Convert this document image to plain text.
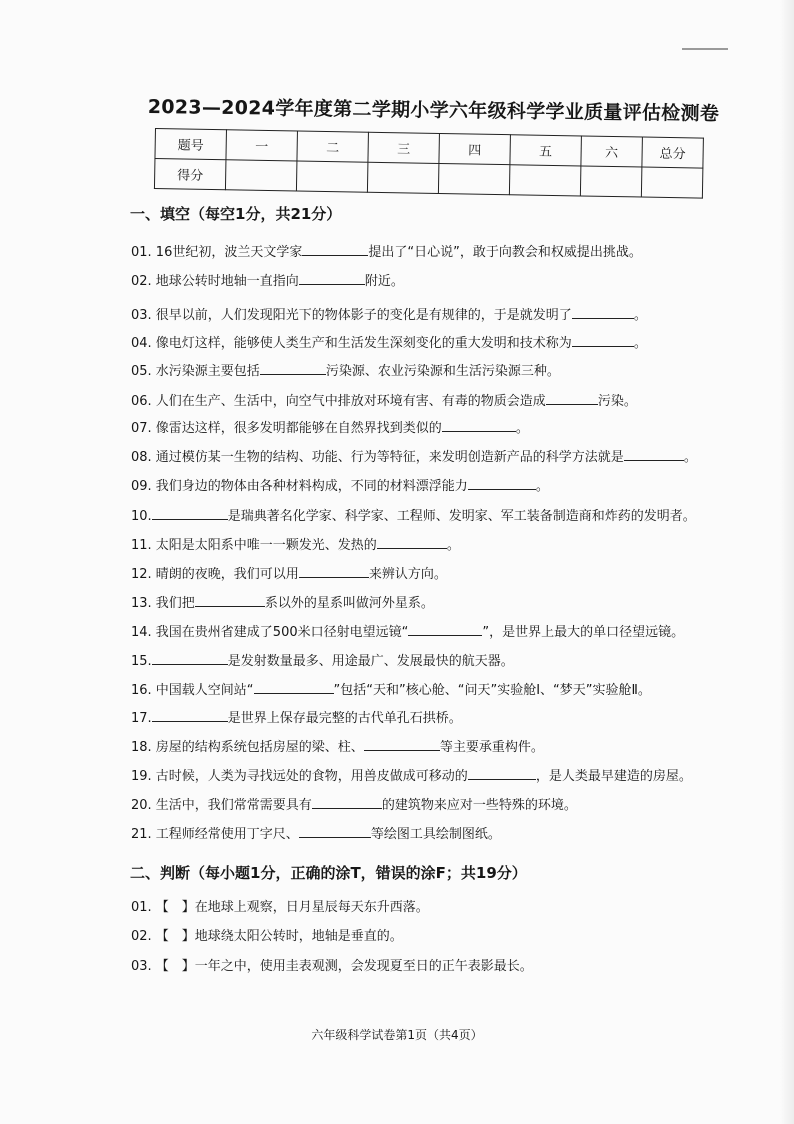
2023—2024学年度第二学期小学六年级科学学业质量评估检测卷
题号	一	二	三	四	五	六	总分
得分							
一、填空（每空1分，共21分）
01. 16世纪初，波兰天文学家	提出了“日心说”，敢于向教会和权威提出挑战。
02. 地球公转时地轴一直指向	附近。
03. 很早以前，人们发现阳光下的物体影子的变化是有规律的，于是就发明了	。
04. 像电灯这样，能够使人类生产和生活发生深刻变化的重大发明和技术称为	。
05. 水污染源主要包括	污染源、农业污染源和生活污染源三种。
06. 人们在生产、生活中，向空气中排放对环境有害、有毒的物质会造成	污染。
07. 像雷达这样，很多发明都能够在自然界找到类似的	。
08. 通过模仿某一生物的结构、功能、行为等特征，来发明创造新产品的科学方法就是	。
09. 我们身边的物体由各种材料构成，不同的材料漂浮能力	。
10.	是瑞典著名化学家、科学家、工程师、发明家、军工装备制造商和炸药的发明者。
11. 太阳是太阳系中唯一一颗发光、发热的	。
12. 晴朗的夜晚，我们可以用	来辨认方向。
13. 我们把	系以外的星系叫做河外星系。
14. 我国在贵州省建成了500米口径射电望远镜“	”，是世界上最大的单口径望远镜。
15.	是发射数量最多、用途最广、发展最快的航天器。
16. 中国载人空间站“	”包括“天和”核心舱、“问天”实验舱Ⅰ、“梦天”实验舱Ⅱ。
17.	是世界上保存最完整的古代单孔石拱桥。
18. 房屋的结构系统包括房屋的梁、柱、	等主要承重构件。
19. 古时候，人类为寻找远处的食物，用兽皮做成可移动的	，是人类最早建造的房屋。
20. 生活中，我们常常需要具有	的建筑物来应对一些特殊的环境。
21. 工程师经常使用丁字尺、	等绘图工具绘制图纸。
二、判断（每小题1分，正确的涂T，错误的涂F；共19分）
01. 【　】在地球上观察，日月星辰每天东升西落。
02. 【　】地球绕太阳公转时，地轴是垂直的。
03. 【　】一年之中，使用圭表观测，会发现夏至日的正午表影最长。
六年级科学试卷第1页（共4页）
